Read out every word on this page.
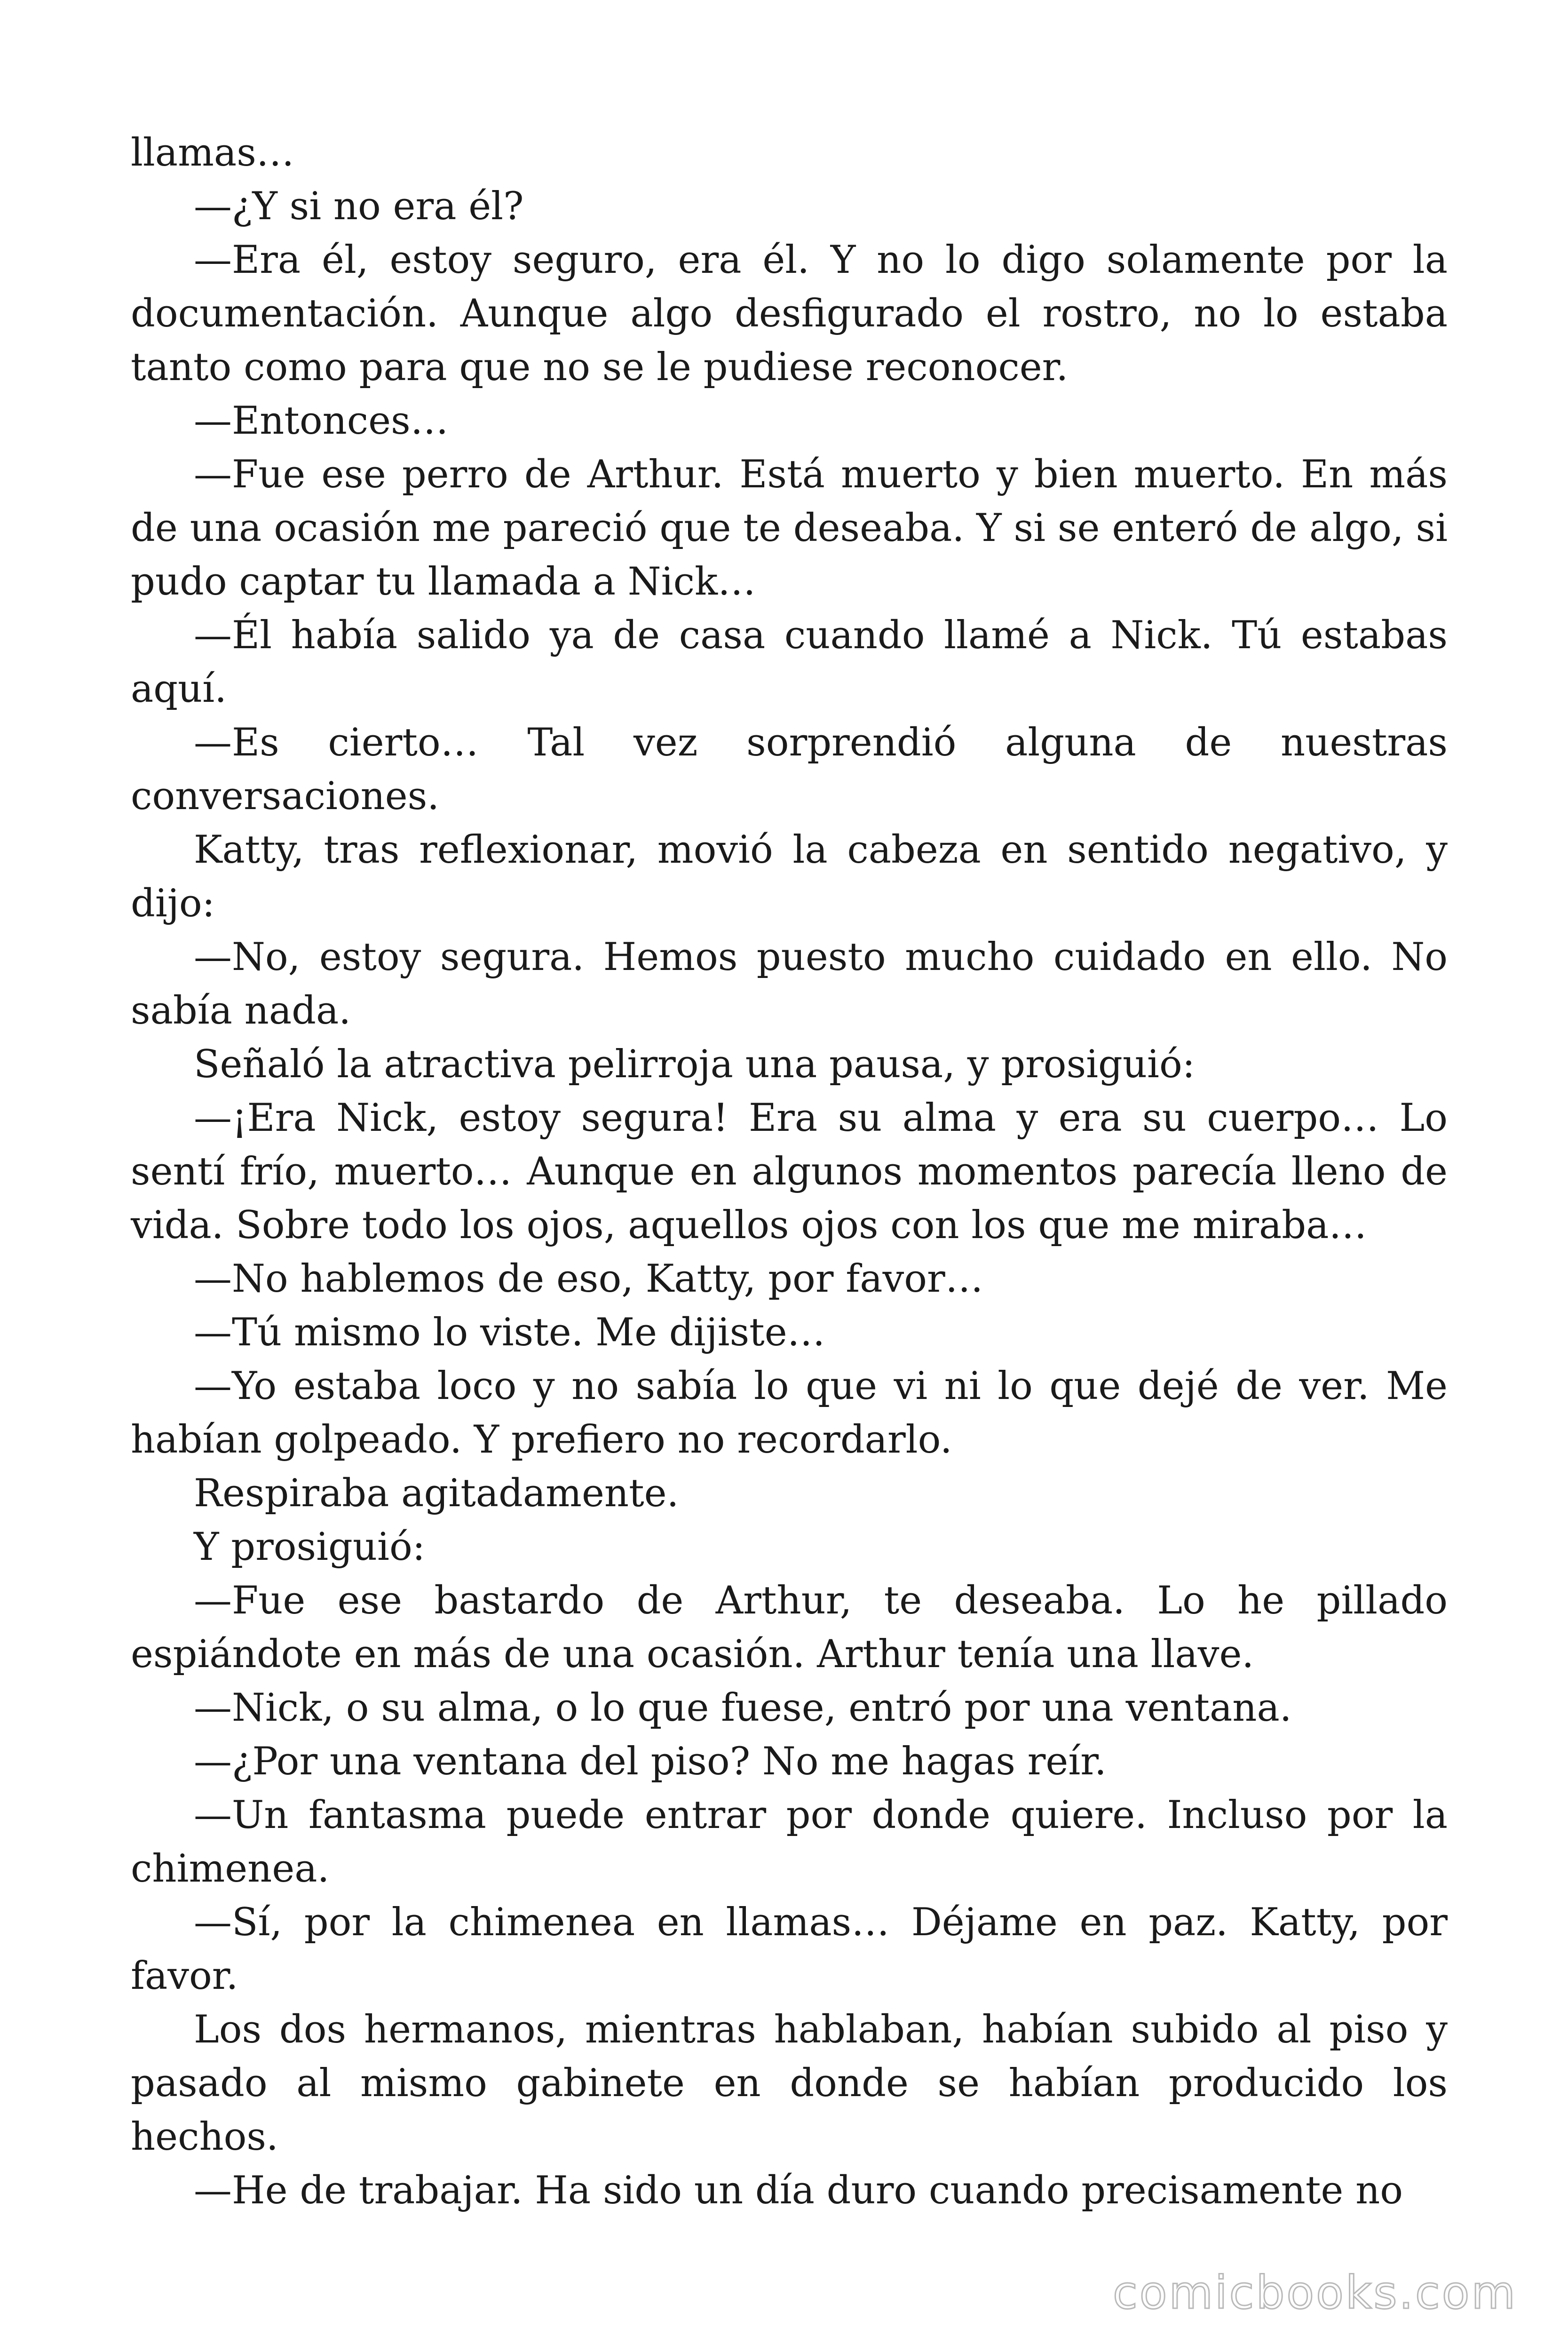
llamas…

—¿Y si no era él?

—Era él, estoy seguro, era él. Y no lo digo solamente por la documentación. Aunque algo desfigurado el rostro, no lo estaba tanto como para que no se le pudiese reconocer.

—Entonces…

—Fue ese perro de Arthur. Está muerto y bien muerto. En más de una ocasión me pareció que te deseaba. Y si se enteró de algo, si pudo captar tu llamada a Nick…

—Él había salido ya de casa cuando llamé a Nick. Tú estabas aquí.

—Es cierto… Tal vez sorprendió alguna de nuestras conversaciones.

Katty, tras reflexionar, movió la cabeza en sentido negativo, y dijo:

—No, estoy segura. Hemos puesto mucho cuidado en ello. No sabía nada.

Señaló la atractiva pelirroja una pausa, y prosiguió:

—¡Era Nick, estoy segura! Era su alma y era su cuerpo… Lo sentí frío, muerto… Aunque en algunos momentos parecía lleno de vida. Sobre todo los ojos, aquellos ojos con los que me miraba…

—No hablemos de eso, Katty, por favor…

—Tú mismo lo viste. Me dijiste…

—Yo estaba loco y no sabía lo que vi ni lo que dejé de ver. Me habían golpeado. Y prefiero no recordarlo.

Respiraba agitadamente.

Y prosiguió:

—Fue ese bastardo de Arthur, te deseaba. Lo he pillado espiándote en más de una ocasión. Arthur tenía una llave.

—Nick, o su alma, o lo que fuese, entró por una ventana.

—¿Por una ventana del piso? No me hagas reír.

—Un fantasma puede entrar por donde quiere. Incluso por la chimenea.

—Sí, por la chimenea en llamas… Déjame en paz. Katty, por favor.

Los dos hermanos, mientras hablaban, habían subido al piso y pasado al mismo gabinete en donde se habían producido los hechos.

—He de trabajar. Ha sido un día duro cuando precisamente no

comicbooks.com
